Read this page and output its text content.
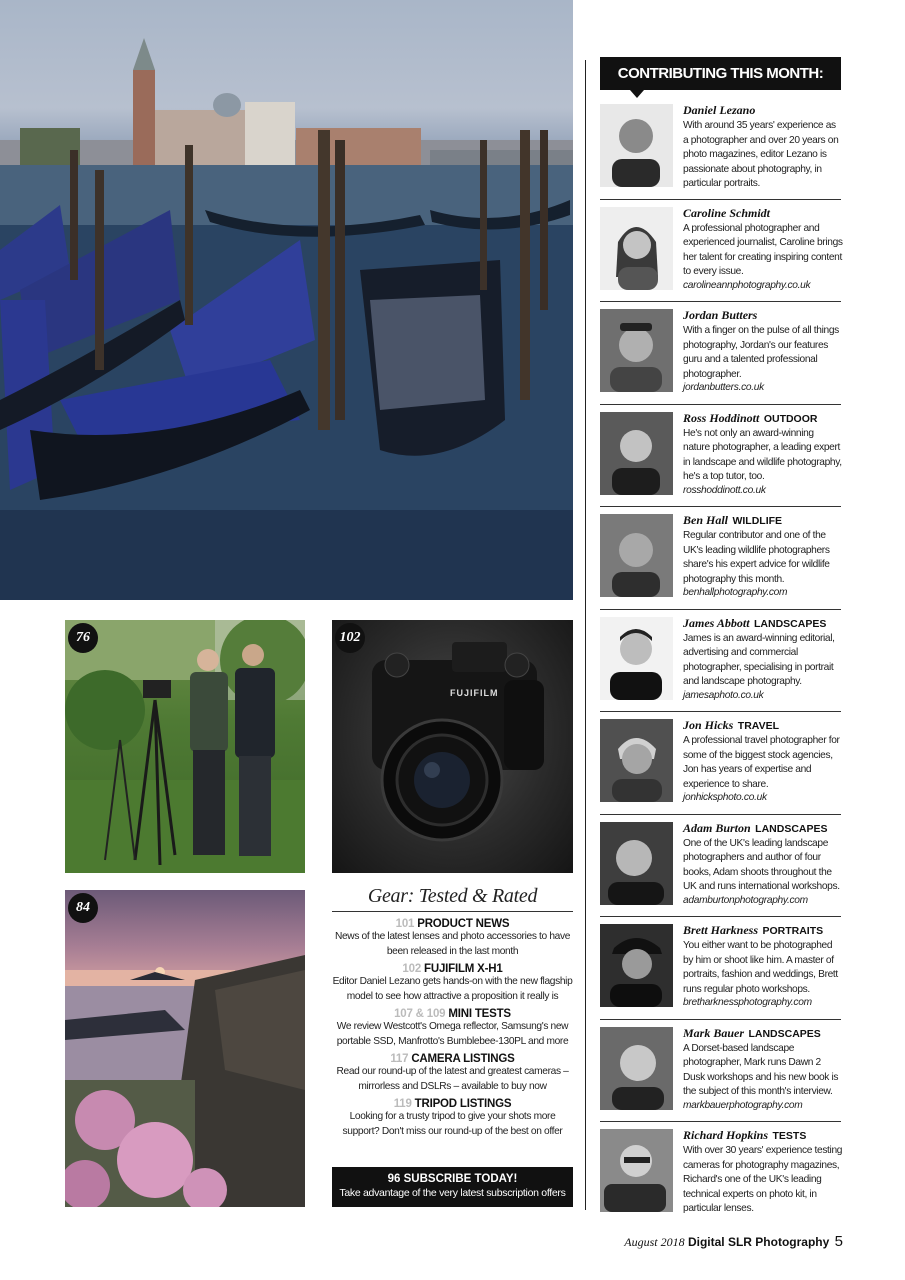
76
FUJIFILM
102
84
Gear: Tested & Rated
101 PRODUCT NEWS
News of the latest lenses and photo accessories to have been released in the last month
102 FUJIFILM X-H1
Editor Daniel Lezano gets hands-on with the new flagship model to see how attractive a proposition it really is
107 & 109 MINI TESTS
We review Westcott's Omega reflector, Samsung's new portable SSD, Manfrotto's Bumblebee-130PL and more
117 CAMERA LISTINGS
Read our round-up of the latest and greatest cameras – mirrorless and DSLRs – available to buy now
119 TRIPOD LISTINGS
Looking for a trusty tripod to give your shots more support? Don't miss our round-up of the best on offer
96 SUBSCRIBE TODAY!
Take advantage of the very latest subscription offers
CONTRIBUTING THIS MONTH:
Daniel Lezano
With around 35 years' experience as a photographer and over 20 years on photo magazines, editor Lezano is passionate about photography, in particular portraits.
Caroline Schmidt
A professional photographer and experienced journalist, Caroline brings her talent for creating inspiring content to every issue.
carolineannphotography.co.uk
Jordan Butters
With a finger on the pulse of all things photography, Jordan's our features guru and a talented professional photographer.
jordanbutters.co.uk
Ross Hoddinott OUTDOOR
He's not only an award-winning nature photographer, a leading expert in landscape and wildlife photography, he's a top tutor, too.
rosshoddinott.co.uk
Ben Hall WILDLIFE
Regular contributor and one of the UK's leading wildlife photographers share's his expert advice for wildlife photography this month.
benhallphotography.com
James Abbott LANDSCAPES
James is an award-winning editorial, advertising and commercial photographer, specialising in portrait and landscape photography.
jamesaphoto.co.uk
Jon Hicks TRAVEL
A professional travel photographer for some of the biggest stock agencies, Jon has years of expertise and experience to share.
jonhicksphoto.co.uk
Adam Burton LANDSCAPES
One of the UK's leading landscape photographers and author of four books, Adam shoots throughout the UK and runs international workshops.
adamburtonphotography.com
Brett Harkness PORTRAITS
You either want to be photographed by him or shoot like him. A master of portraits, fashion and weddings, Brett runs regular photo workshops.
bretharknessphotography.com
Mark Bauer LANDSCAPES
A Dorset-based landscape photographer, Mark runs Dawn 2 Dusk workshops and his new book is the subject of this month's interview.
markbauerphotography.com
Richard Hopkins TESTS
With over 30 years' experience testing cameras for photography magazines, Richard's one of the UK's leading technical experts on photo kit, in particular lenses.
August 2018 Digital SLR Photography 5
